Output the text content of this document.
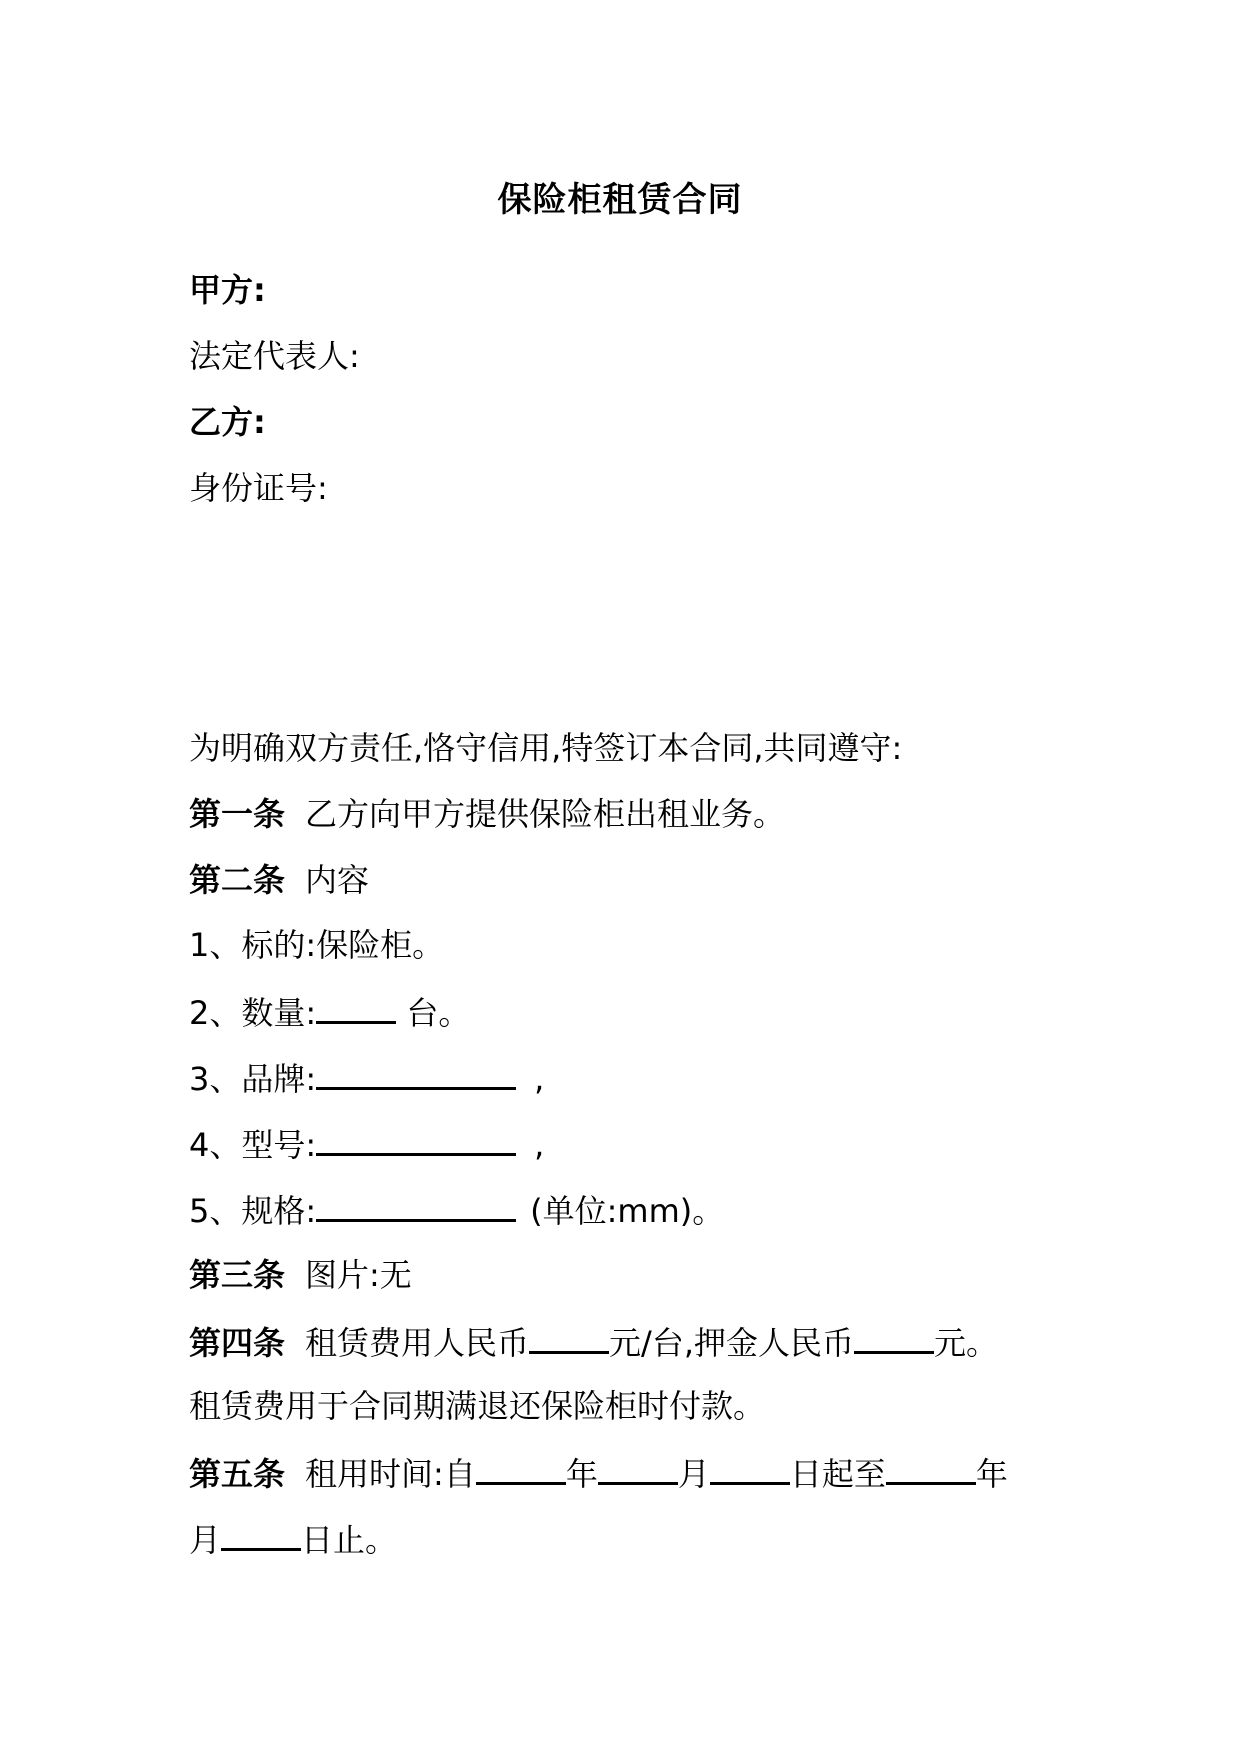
保险柜租赁合同
甲方:
法定代表人:
乙方:
身份证号:
为明确双方责任,恪守信用,特签订本合同,共同遵守:
第一条 乙方向甲方提供保险柜出租业务。
第二条 内容
1、标的:保险柜。
2、数量:	台。
3、品牌:	,
4、型号:	,
5、规格:	(单位:mm)。
第三条 图片:无
第四条 租赁费用人民币	元/台,押金人民币	元。
租赁费用于合同期满退还保险柜时付款。
第五条 租用时间:自	年	月	日起至	年
月	日止。
